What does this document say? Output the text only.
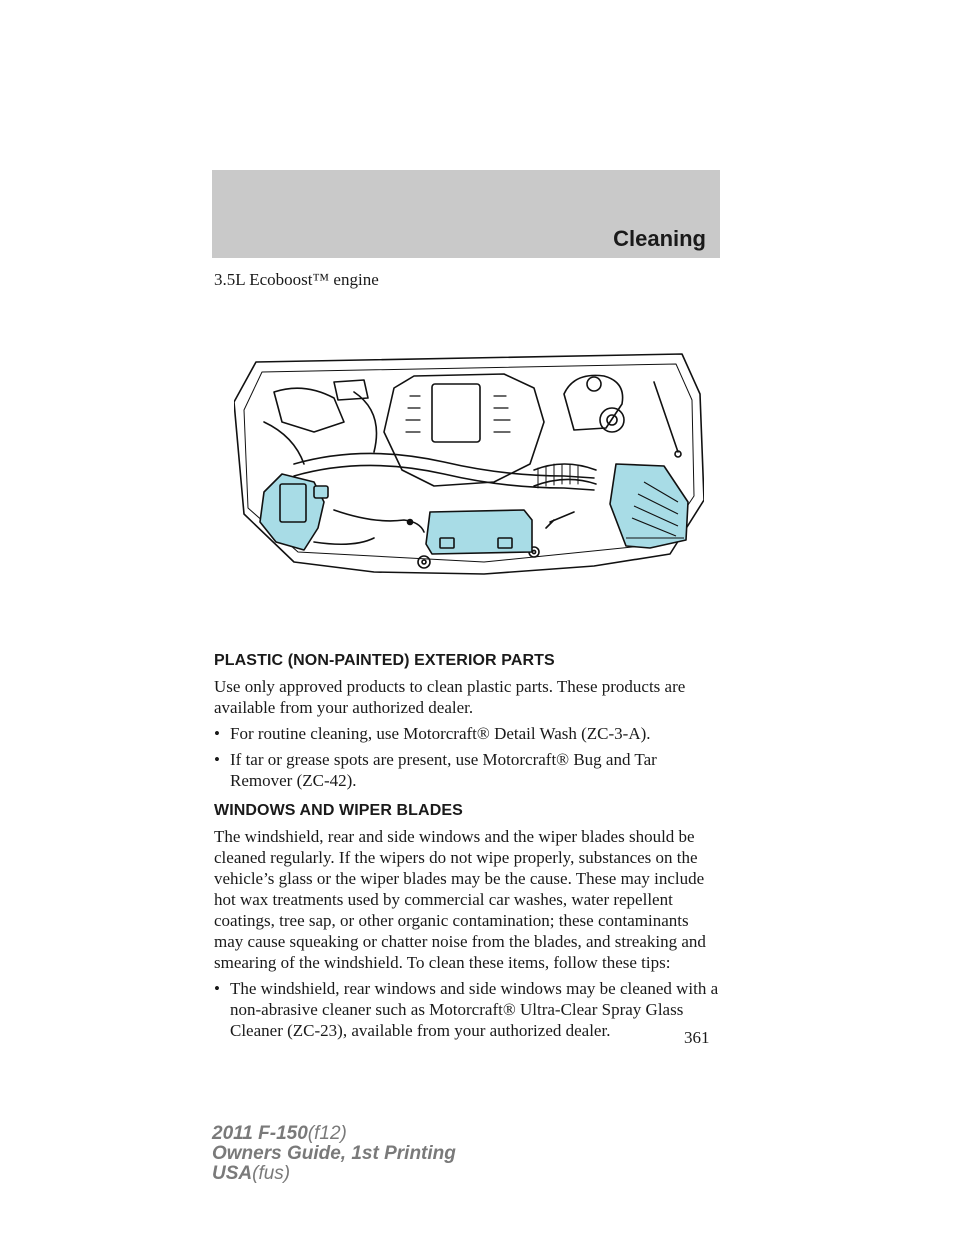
Cleaning
3.5L Ecoboost™ engine
PLASTIC (NON-PAINTED) EXTERIOR PARTS

Use only approved products to clean plastic parts. These products are available from your authorized dealer.

• For routine cleaning, use Motorcraft® Detail Wash (ZC-3-A).
• If tar or grease spots are present, use Motorcraft® Bug and Tar Remover (ZC-42).
WINDOWS AND WIPER BLADES

The windshield, rear and side windows and the wiper blades should be cleaned regularly. If the wipers do not wipe properly, substances on the vehicle’s glass or the wiper blades may be the cause. These may include hot wax treatments used by commercial car washes, water repellent coatings, tree sap, or other organic contamination; these contaminants may cause squeaking or chatter noise from the blades, and streaking and smearing of the windshield. To clean these items, follow these tips:

• The windshield, rear windows and side windows may be cleaned with a non-abrasive cleaner such as Motorcraft® Ultra-Clear Spray Glass Cleaner (ZC-23), available from your authorized dealer.	361
2011 F-150(f12)
Owners Guide, 1st Printing
USA(fus)
